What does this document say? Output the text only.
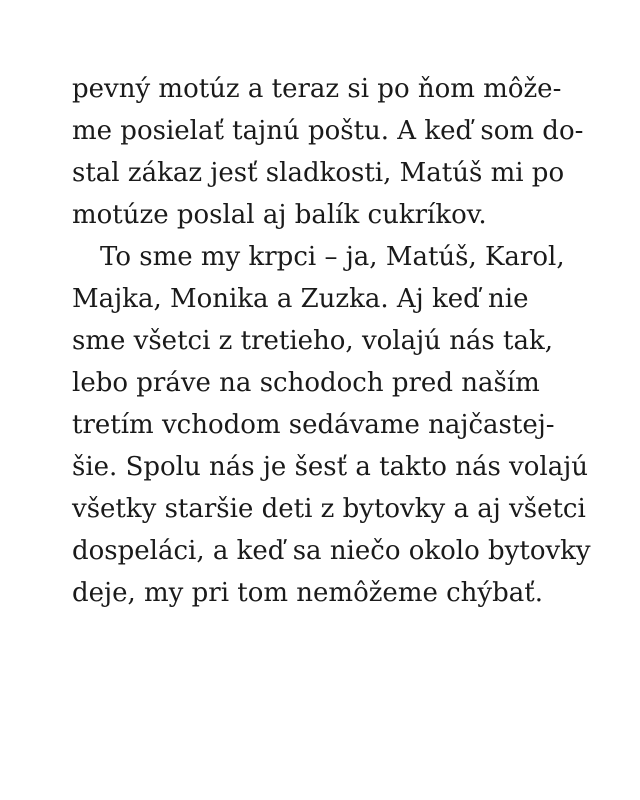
pevný motúz a teraz si po ňom môže-
me posielať tajnú poštu. A keď som do-
stal zákaz jesť sladkosti, Matúš mi po
motúze poslal aj balík cukríkov.
To sme my krpci – ja, Matúš, Karol,
Majka, Monika a Zuzka. Aj keď nie
sme všetci z tretieho, volajú nás tak,
lebo práve na schodoch pred naším
tretím vchodom sedávame najčastej-
šie. Spolu nás je šesť a takto nás volajú
všetky staršie deti z bytovky a aj všetci
dospeláci, a keď sa niečo okolo bytovky
deje, my pri tom nemôžeme chýbať.
